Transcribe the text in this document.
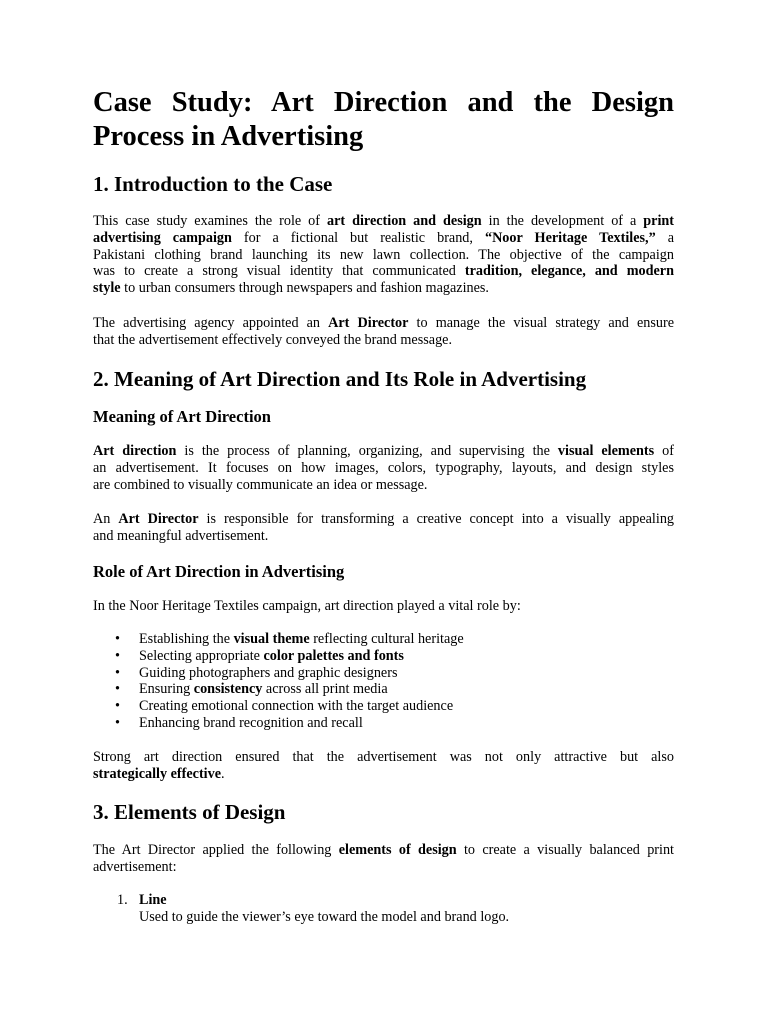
Case Study: Art Direction and the Design
Process in Advertising
1. Introduction to the Case
This case study examines the role of art direction and design in the development of a print
advertising campaign for a fictional but realistic brand, “Noor Heritage Textiles,” a
Pakistani clothing brand launching its new lawn collection. The objective of the campaign
was to create a strong visual identity that communicated tradition, elegance, and modern
style to urban consumers through newspapers and fashion magazines.
The advertising agency appointed an Art Director to manage the visual strategy and ensure
that the advertisement effectively conveyed the brand message.
2. Meaning of Art Direction and Its Role in Advertising
Meaning of Art Direction
Art direction is the process of planning, organizing, and supervising the visual elements of
an advertisement. It focuses on how images, colors, typography, layouts, and design styles
are combined to visually communicate an idea or message.
An Art Director is responsible for transforming a creative concept into a visually appealing
and meaningful advertisement.
Role of Art Direction in Advertising
In the Noor Heritage Textiles campaign, art direction played a vital role by:
• Establishing the visual theme reflecting cultural heritage
• Selecting appropriate color palettes and fonts
• Guiding photographers and graphic designers
• Ensuring consistency across all print media
• Creating emotional connection with the target audience
• Enhancing brand recognition and recall
Strong art direction ensured that the advertisement was not only attractive but also
strategically effective.
3. Elements of Design
The Art Director applied the following elements of design to create a visually balanced print
advertisement:
1. Line
Used to guide the viewer’s eye toward the model and brand logo.
